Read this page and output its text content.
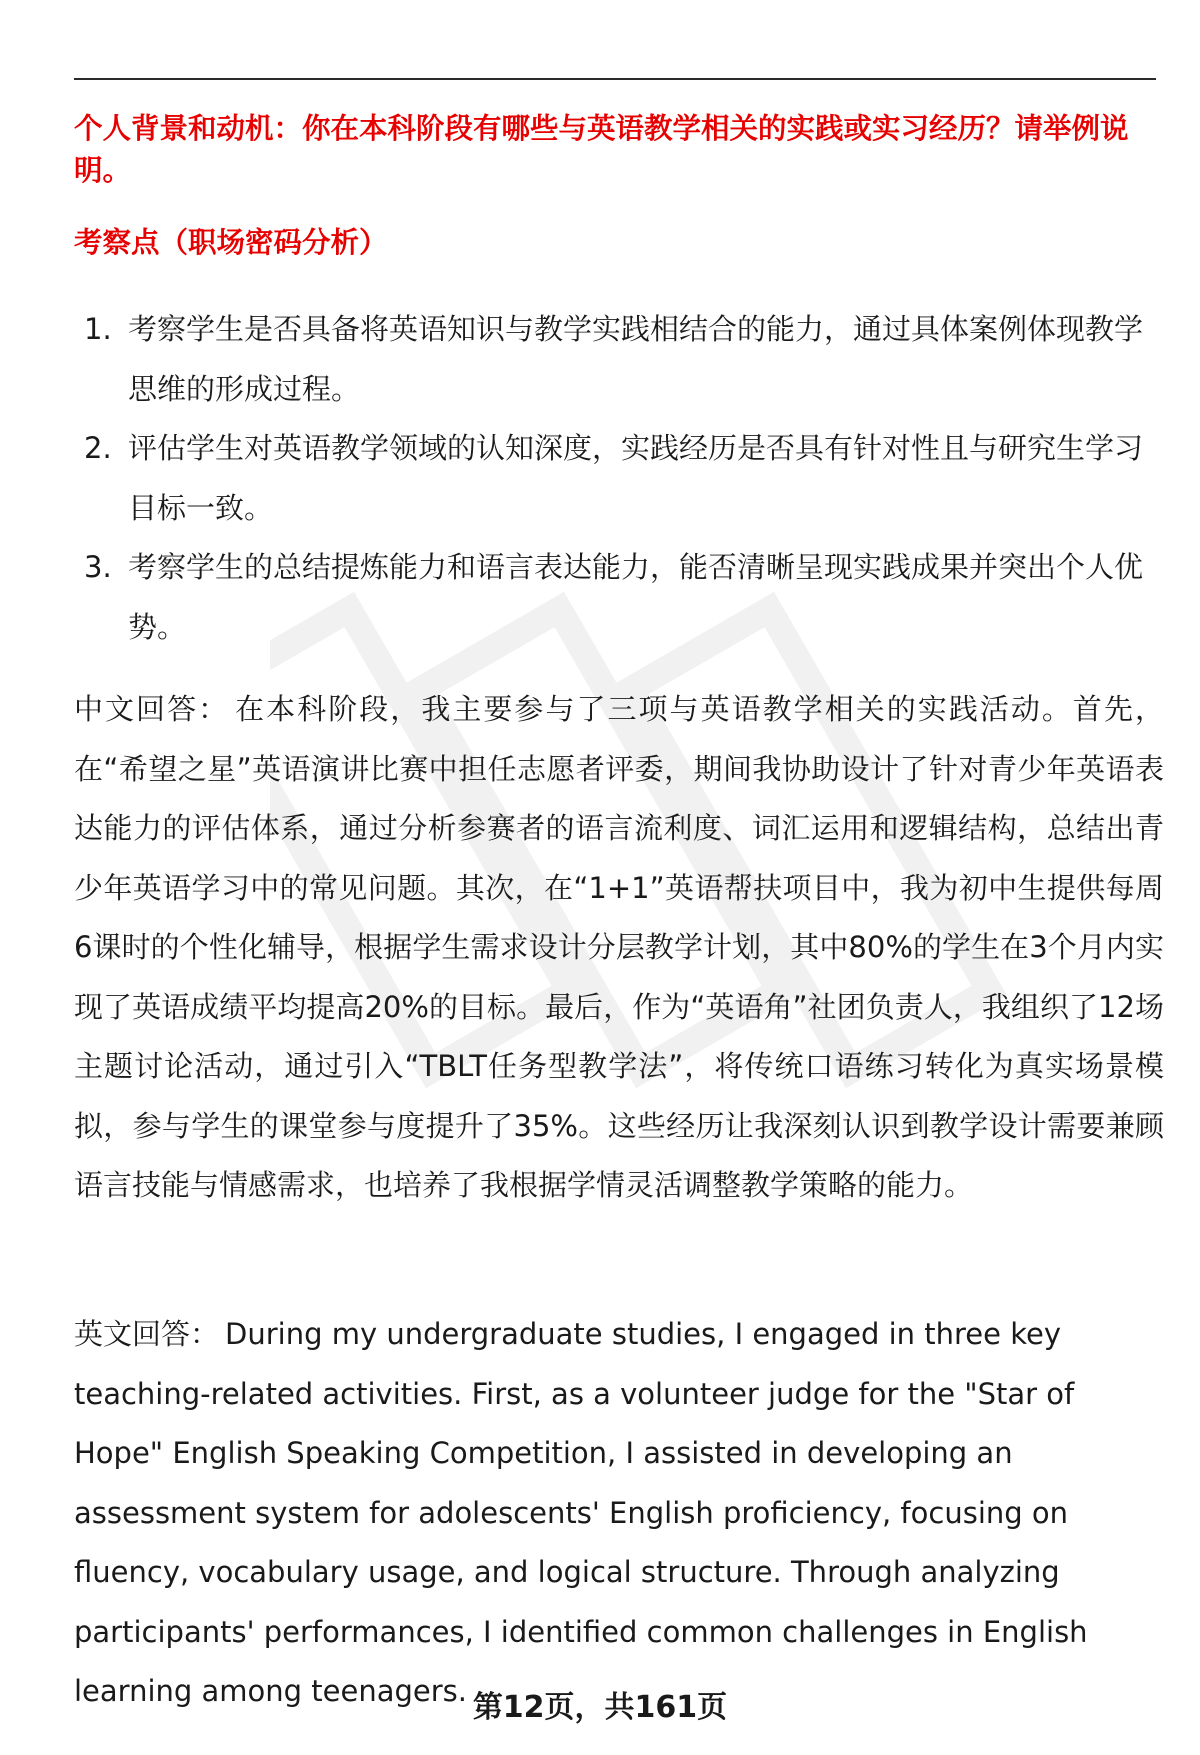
个人背景和动机：你在本科阶段有哪些与英语教学相关的实践或实习经历？请举例说明。

考察点（职场密码分析）

1. 考察学生是否具备将英语知识与教学实践相结合的能力，通过具体案例体现教学思维的形成过程。
2. 评估学生对英语教学领域的认知深度，实践经历是否具有针对性且与研究生学习目标一致。
3. 考察学生的总结提炼能力和语言表达能力，能否清晰呈现实践成果并突出个人优势。

中文回答： 在本科阶段，我主要参与了三项与英语教学相关的实践活动。首先，在“希望之星”英语演讲比赛中担任志愿者评委，期间我协助设计了针对青少年英语表达能力的评估体系，通过分析参赛者的语言流利度、词汇运用和逻辑结构，总结出青少年英语学习中的常见问题。其次，在“1+1”英语帮扶项目中，我为初中生提供每周6课时的个性化辅导，根据学生需求设计分层教学计划，其中80%的学生在3个月内实现了英语成绩平均提高20%的目标。最后，作为“英语角”社团负责人，我组织了12场主题讨论活动，通过引入“TBLT任务型教学法”，将传统口语练习转化为真实场景模拟，参与学生的课堂参与度提升了35%。这些经历让我深刻认识到教学设计需要兼顾语言技能与情感需求，也培养了我根据学情灵活调整教学策略的能力。

英文回答： During my undergraduate studies, I engaged in three key teaching-related activities. First, as a volunteer judge for the "Star of Hope" English Speaking Competition, I assisted in developing an assessment system for adolescents' English proficiency, focusing on fluency, vocabulary usage, and logical structure. Through analyzing participants' performances, I identified common challenges in English learning among teenagers. 第12页，共161页
